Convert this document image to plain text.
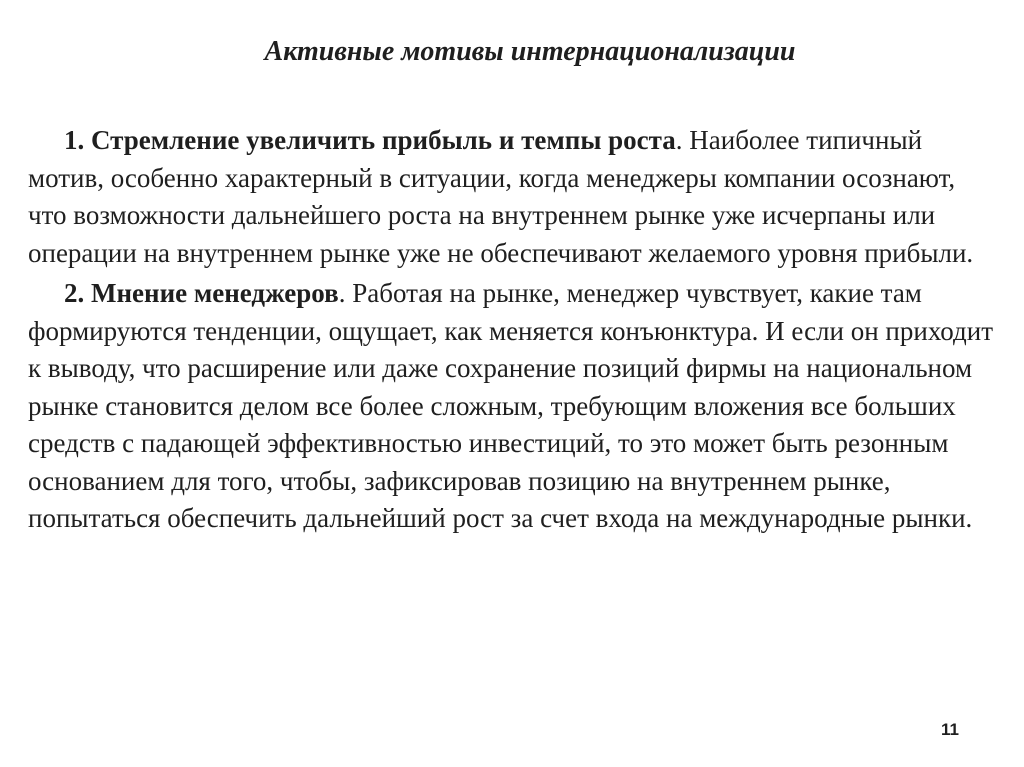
Активные мотивы интернационализации

1. Стремление увеличить прибыль и темпы роста. Наиболее типичный мотив, особенно характерный в ситуации, когда менеджеры компании осознают, что возможности дальнейшего роста на внутреннем рынке уже исчерпаны или операции на внутреннем рынке уже не обеспечивают желаемого уровня прибыли.

2. Мнение менеджеров. Работая на рынке, менеджер чувствует, какие там формируются тенденции, ощущает, как меняется конъюнктура. И если он приходит к выводу, что расширение или даже сохранение позиций фирмы на национальном рынке становится делом все более сложным, требующим вложения все больших средств с падающей эффективностью инвестиций, то это может быть резонным основанием для того, чтобы, зафиксировав позицию на внутреннем рынке, попытаться обеспечить дальнейший рост за счет входа на международные рынки.

11
